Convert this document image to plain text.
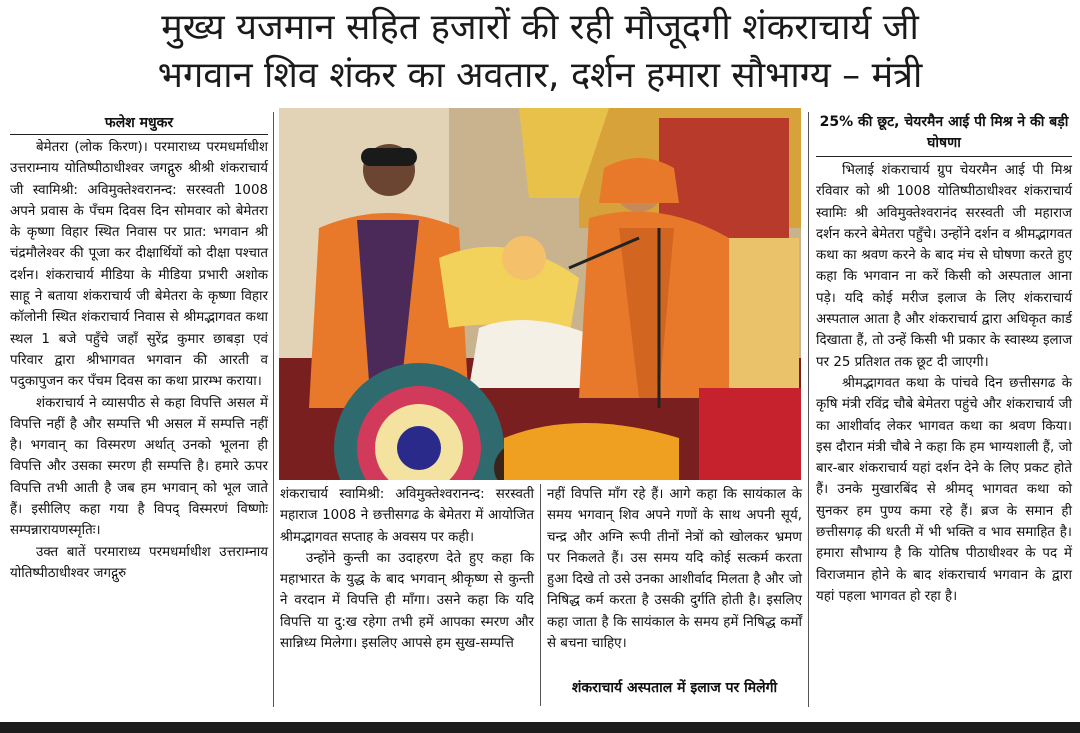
मुख्य यजमान सहित हजारों की रही मौजूदगी शंकराचार्य जी
भगवान शिव शंकर का अवतार, दर्शन हमारा सौभाग्य – मंत्री
फलेश मधुकर

बेमेतरा (लोक किरण)। परमाराध्य परमधर्माधीश उत्तराम्नाय योतिष्पीठाधीश्वर जगद्गुरु श्रीश्री शंकराचार्य जी स्वामिश्री: अविमुक्तेश्वरानन्द: सरस्वती 1008 अपने प्रवास के पँचम दिवस दिन सोमवार को बेमेतरा के कृष्णा विहार स्थित निवास पर प्रात: भगवान श्री चंद्रमौलेश्वर की पूजा कर दीक्षार्थियों को दीक्षा पश्चात दर्शन। शंकराचार्य मीडिया के मीडिया प्रभारी अशोक साहू ने बताया शंकराचार्य जी बेमेतरा के कृष्णा विहार कॉलोनी स्थित शंकराचार्य निवास से श्रीमद्भागवत कथा स्थल 1 बजे पहुँचे जहाँ सुरेंद्र कुमार छाबड़ा एवं परिवार द्वारा श्रीभागवत भगवान की आरती व पदुकापुजन कर पँचम दिवस का कथा प्रारम्भ कराया।

शंकराचार्य ने व्यासपीठ से कहा विपत्ति असल में विपत्ति नहीं है और सम्पत्ति भी असल में सम्पत्ति नहीं है। भगवान् का विस्मरण अर्थात् उनको भूलना ही विपत्ति और उसका स्मरण ही सम्पत्ति है। हमारे ऊपर विपत्ति तभी आती है जब हम भगवान् को भूल जाते हैं। इसीलिए कहा गया है विपद् विस्मरणं विष्णोः सम्पन्नारायणस्मृतिः।

उक्त बातें परमाराध्य परमधर्माधीश उत्तराम्नाय योतिष्पीठाधीश्वर जगद्गुरु

शंकराचार्य स्वामिश्री: अविमुक्तेश्वरानन्द: सरस्वती महाराज 1008 ने छत्तीसगढ के बेमेतरा में आयोजित श्रीमद्भागवत सप्ताह के अवसय पर कही।

उन्होंने कुन्ती का उदाहरण देते हुए कहा कि महाभारत के युद्ध के बाद भगवान् श्रीकृष्ण से कुन्ती ने वरदान में विपत्ति ही माँगा। उसने कहा कि यदि विपत्ति या दु:ख रहेगा तभी हमें आपका स्मरण और सान्निध्य मिलेगा। इसलिए आपसे हम सुख-सम्पत्ति

नहीं विपत्ति माँग रहे हैं। आगे कहा कि सायंकाल के समय भगवान् शिव अपने गणों के साथ अपनी सूर्य, चन्द्र और अग्नि रूपी तीनों नेत्रों को खोलकर भ्रमण पर निकलते हैं। उस समय यदि कोई सत्कर्म करता हुआ दिखे तो उसे उनका आशीर्वाद मिलता है और जो निषिद्ध कर्म करता है उसकी दुर्गति होती है। इसलिए कहा जाता है कि सायंकाल के समय हमें निषिद्ध कर्मों से बचना चाहिए।

शंकराचार्य अस्पताल में इलाज पर मिलेगी
25% की छूट, चेयरमैन आई पी मिश्र ने की बड़ी घोषणा

भिलाई शंकराचार्य ग्रुप चेयरमैन आई पी मिश्र रविवार को श्री 1008 योतिष्पीठाधीश्वर शंकराचार्य स्वामिः श्री अविमुक्तेश्वरानंद सरस्वती जी महाराज दर्शन करने बेमेतरा पहुँचे। उन्होंने दर्शन व श्रीमद्भागवत कथा का श्रवण करने के बाद मंच से घोषणा करते हुए कहा कि भगवान ना करें किसी को अस्पताल आना पड़े। यदि कोई मरीज इलाज के लिए शंकराचार्य अस्पताल आता है और शंकराचार्य द्वारा अधिकृत कार्ड दिखाता हैं, तो उन्हें किसी भी प्रकार के स्वास्थ्य इलाज पर 25 प्रतिशत तक छूट दी जाएगी।

श्रीमद्भागवत कथा के पांचवे दिन छत्तीसगढ के कृषि मंत्री रविंद्र चौबे बेमेतरा पहुंचे और शंकराचार्य जी का आशीर्वाद लेकर भागवत कथा का श्रवण किया। इस दौरान मंत्री चौबे ने कहा कि हम भाग्यशाली हैं, जो बार-बार शंकराचार्य यहां दर्शन देने के लिए प्रकट होते हैं। उनके मुखारबिंद से श्रीमद् भागवत कथा को सुनकर हम पुण्य कमा रहे हैं। ब्रज के समान ही छत्तीसगढ़ की धरती में भी भक्ति व भाव समाहित है। हमारा सौभाग्य है कि योतिष पीठाधीश्वर के पद में विराजमान होने के बाद शंकराचार्य भगवान के द्वारा यहां पहला भागवत हो रहा है।
